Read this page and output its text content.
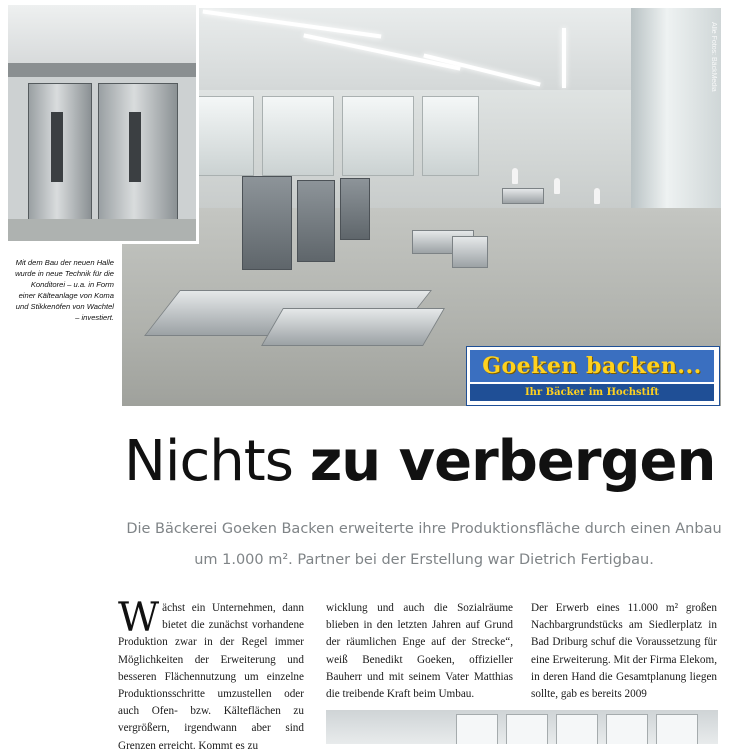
Alle Fotos: BäckMedia
Goeken backen...
Ihr Bäcker im Hochstift
Mit dem Bau der neuen Halle wurde in neue Technik für die Konditorei – u.a. in Form einer Kälteanlage von Koma und Stikkenöfen von Wachtel – investiert.
Nichts zu verbergen
Die Bäckerei Goeken Backen erweiterte ihre Produktionsfläche durch einen Anbau um 1.000 m². Partner bei der Erstellung war Dietrich Fertigbau.
W ächst ein Unternehmen, dann bietet die zunächst vorhandene Produktion zwar in der Regel immer Möglichkeiten der Erweiterung und besseren Flächennutzung um einzelne Produktionsschritte umzustellen oder auch Ofen- bzw. Kälteflächen zu vergrößern, irgendwann aber sind Grenzen erreicht. Kommt es zu

wicklung und auch die Sozialräume blieben in den letzten Jahren auf Grund der räumlichen Enge auf der Strecke“, weiß Benedikt Goeken, offizieller Bauherr und mit seinem Vater Matthias die treibende Kraft beim Umbau.

Der Erwerb eines 11.000 m² großen Nachbargrundstücks am Siedlerplatz in Bad Driburg schuf die Voraussetzung für eine Erweiterung. Mit der Firma Elekom, in deren Hand die Gesamtplanung liegen sollte, gab es bereits 2009
